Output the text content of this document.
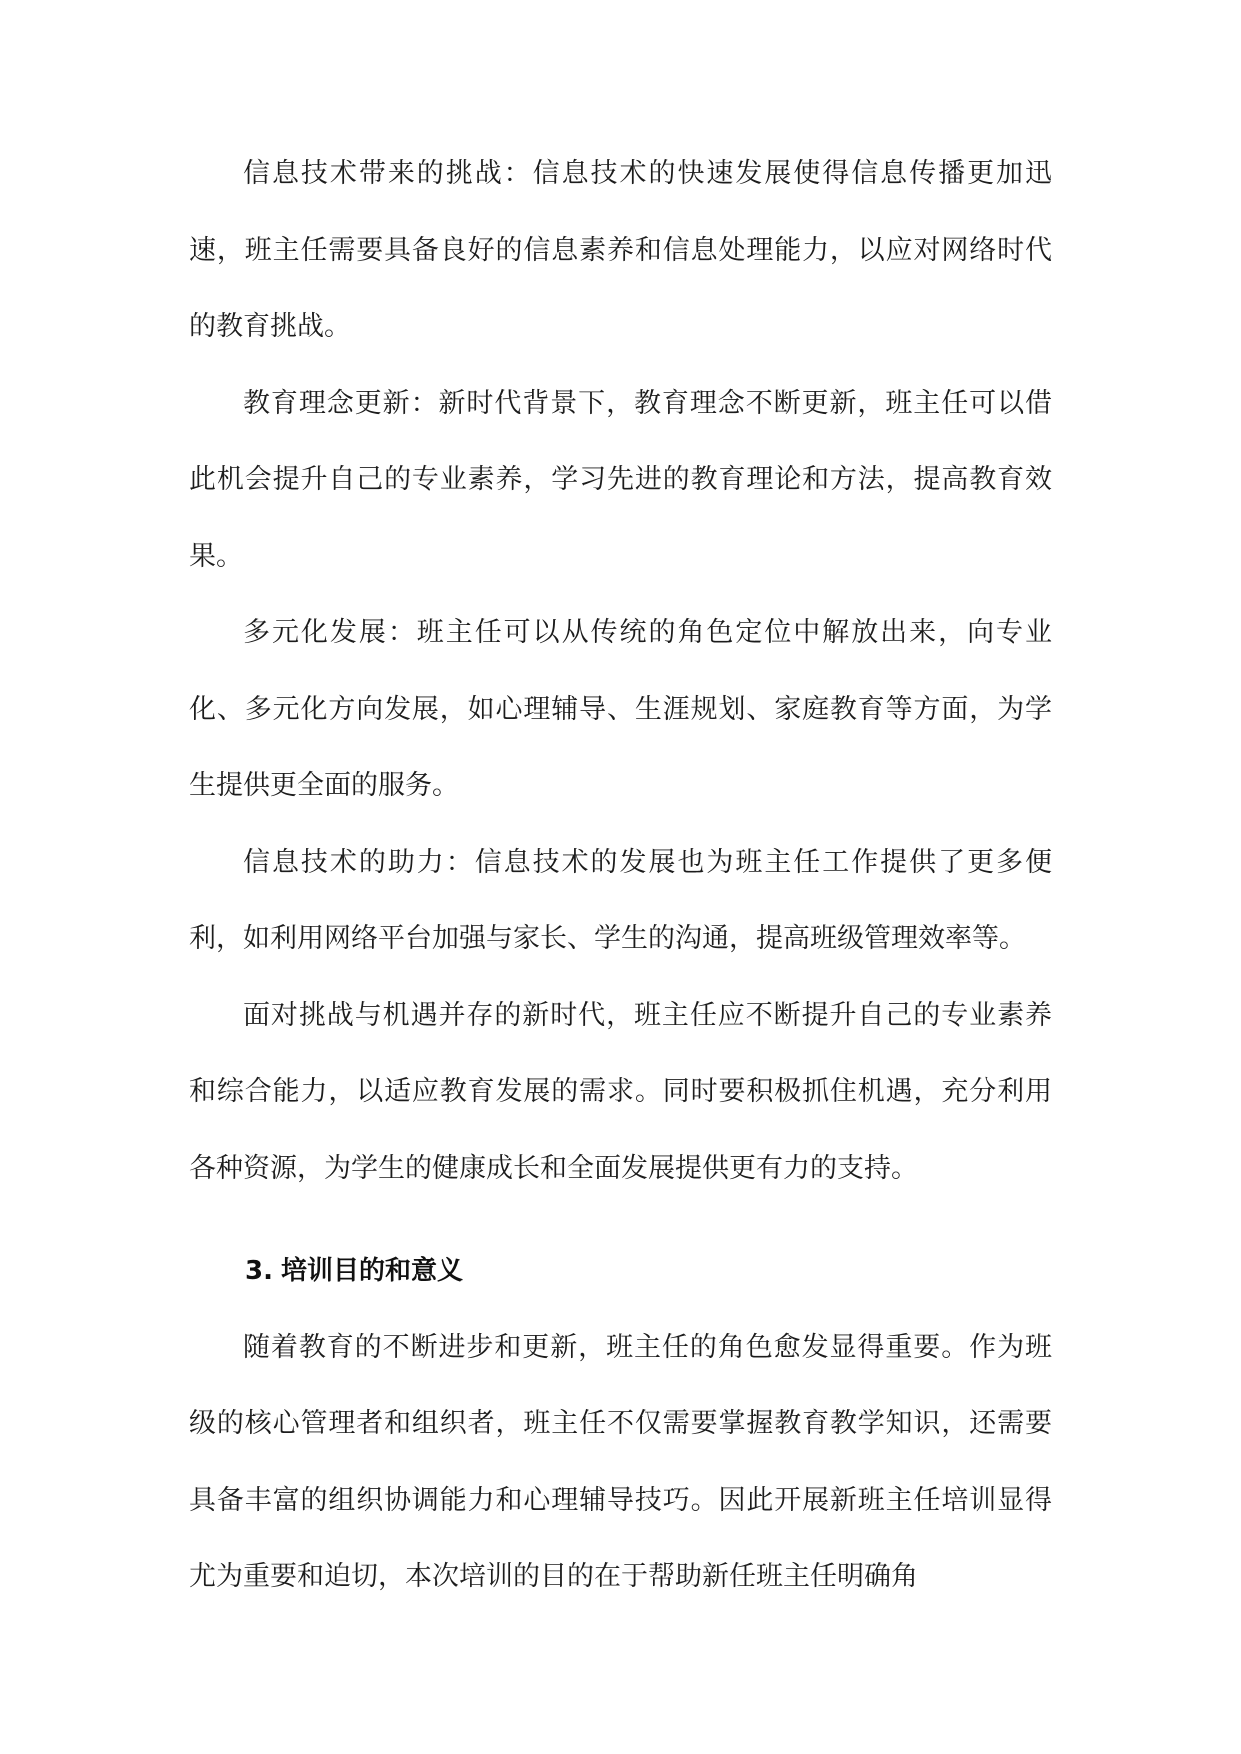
信息技术带来的挑战：信息技术的快速发展使得信息传播更加迅速，班主任需要具备良好的信息素养和信息处理能力，以应对网络时代的教育挑战。

教育理念更新：新时代背景下，教育理念不断更新，班主任可以借此机会提升自己的专业素养，学习先进的教育理论和方法，提高教育效果。

多元化发展：班主任可以从传统的角色定位中解放出来，向专业化、多元化方向发展，如心理辅导、生涯规划、家庭教育等方面，为学生提供更全面的服务。

信息技术的助力：信息技术的发展也为班主任工作提供了更多便利，如利用网络平台加强与家长、学生的沟通，提高班级管理效率等。

面对挑战与机遇并存的新时代，班主任应不断提升自己的专业素养和综合能力，以适应教育发展的需求。同时要积极抓住机遇，充分利用各种资源，为学生的健康成长和全面发展提供更有力的支持。

3. 培训目的和意义

随着教育的不断进步和更新，班主任的角色愈发显得重要。作为班级的核心管理者和组织者，班主任不仅需要掌握教育教学知识，还需要具备丰富的组织协调能力和心理辅导技巧。因此开展新班主任培训显得尤为重要和迫切，本次培训的目的在于帮助新任班主任明确角
